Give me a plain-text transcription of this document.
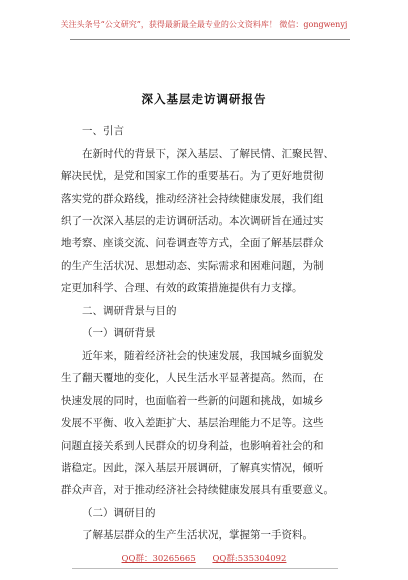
关注头条号“公文研究”，获得最新最全最专业的公文资料库！ 微信：gongwenyj
深入基层走访调研报告
一、引言
在新时代的背景下，深入基层、了解民情、汇聚民智、
解决民忧，是党和国家工作的重要基石。为了更好地贯彻
落实党的群众路线，推动经济社会持续健康发展，我们组
织了一次深入基层的走访调研活动。本次调研旨在通过实
地考察、座谈交流、问卷调查等方式，全面了解基层群众
的生产生活状况、思想动态、实际需求和困难问题，为制
定更加科学、合理、有效的政策措施提供有力支撑。
二、调研背景与目的
（一）调研背景
近年来，随着经济社会的快速发展，我国城乡面貌发
生了翻天覆地的变化，人民生活水平显著提高。然而，在
快速发展的同时，也面临着一些新的问题和挑战，如城乡
发展不平衡、收入差距扩大、基层治理能力不足等。这些
问题直接关系到人民群众的切身利益，也影响着社会的和
谐稳定。因此，深入基层开展调研，了解真实情况，倾听
群众声音，对于推动经济社会持续健康发展具有重要意义。
（二）调研目的
了解基层群众的生产生活状况，掌握第一手资料。
QQ群：30265665 QQ群:535304092
